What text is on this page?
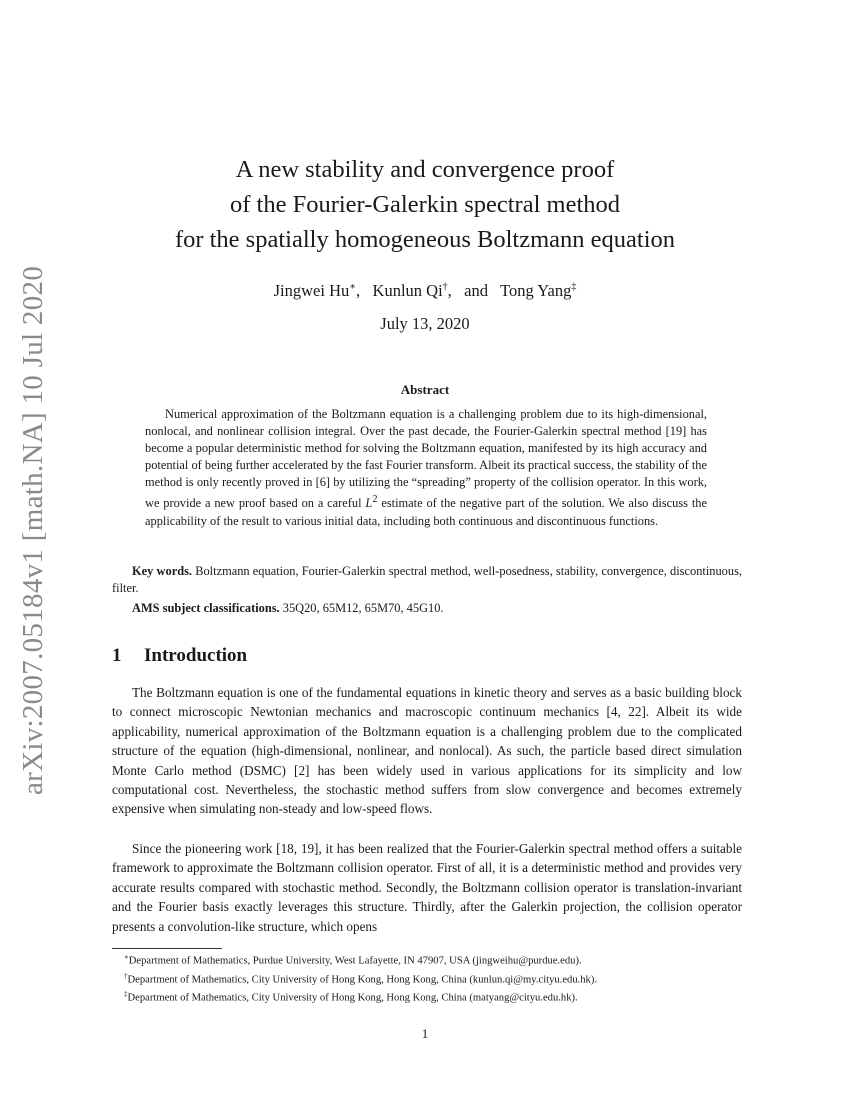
arXiv:2007.05184v1 [math.NA] 10 Jul 2020
A new stability and convergence proof
of the Fourier-Galerkin spectral method
for the spatially homogeneous Boltzmann equation
Jingwei Hu∗,   Kunlun Qi†,   and Tong Yang‡
July 13, 2020
Abstract
Numerical approximation of the Boltzmann equation is a challenging problem due to its high-dimensional, nonlocal, and nonlinear collision integral. Over the past decade, the Fourier-Galerkin spectral method [19] has become a popular deterministic method for solving the Boltzmann equation, manifested by its high accuracy and potential of being further accelerated by the fast Fourier transform. Albeit its practical success, the stability of the method is only recently proved in [6] by utilizing the “spreading” property of the collision operator. In this work, we provide a new proof based on a careful $L^2$ estimate of the negative part of the solution. We also discuss the applicability of the result to various initial data, including both continuous and discontinuous functions.
Key words. Boltzmann equation, Fourier-Galerkin spectral method, well-posedness, stability, convergence, discontinuous, filter.
AMS subject classifications. 35Q20, 65M12, 65M70, 45G10.
1 Introduction
The Boltzmann equation is one of the fundamental equations in kinetic theory and serves as a basic building block to connect microscopic Newtonian mechanics and macroscopic continuum mechanics [4, 22]. Albeit its wide applicability, numerical approximation of the Boltzmann equation is a challenging problem due to the complicated structure of the equation (high-dimensional, nonlinear, and nonlocal). As such, the particle based direct simulation Monte Carlo method (DSMC) [2] has been widely used in various applications for its simplicity and low computational cost. Nevertheless, the stochastic method suffers from slow convergence and becomes extremely expensive when simulating non-steady and low-speed flows.
Since the pioneering work [18, 19], it has been realized that the Fourier-Galerkin spectral method offers a suitable framework to approximate the Boltzmann collision operator. First of all, it is a deterministic method and provides very accurate results compared with stochastic method. Secondly, the Boltzmann collision operator is translation-invariant and the Fourier basis exactly leverages this structure. Thirdly, after the Galerkin projection, the collision operator presents a convolution-like structure, which opens
∗Department of Mathematics, Purdue University, West Lafayette, IN 47907, USA (jingweihu@purdue.edu).
†Department of Mathematics, City University of Hong Kong, Hong Kong, China (kunlun.qi@my.cityu.edu.hk).
‡Department of Mathematics, City University of Hong Kong, Hong Kong, China (matyang@cityu.edu.hk).
1
